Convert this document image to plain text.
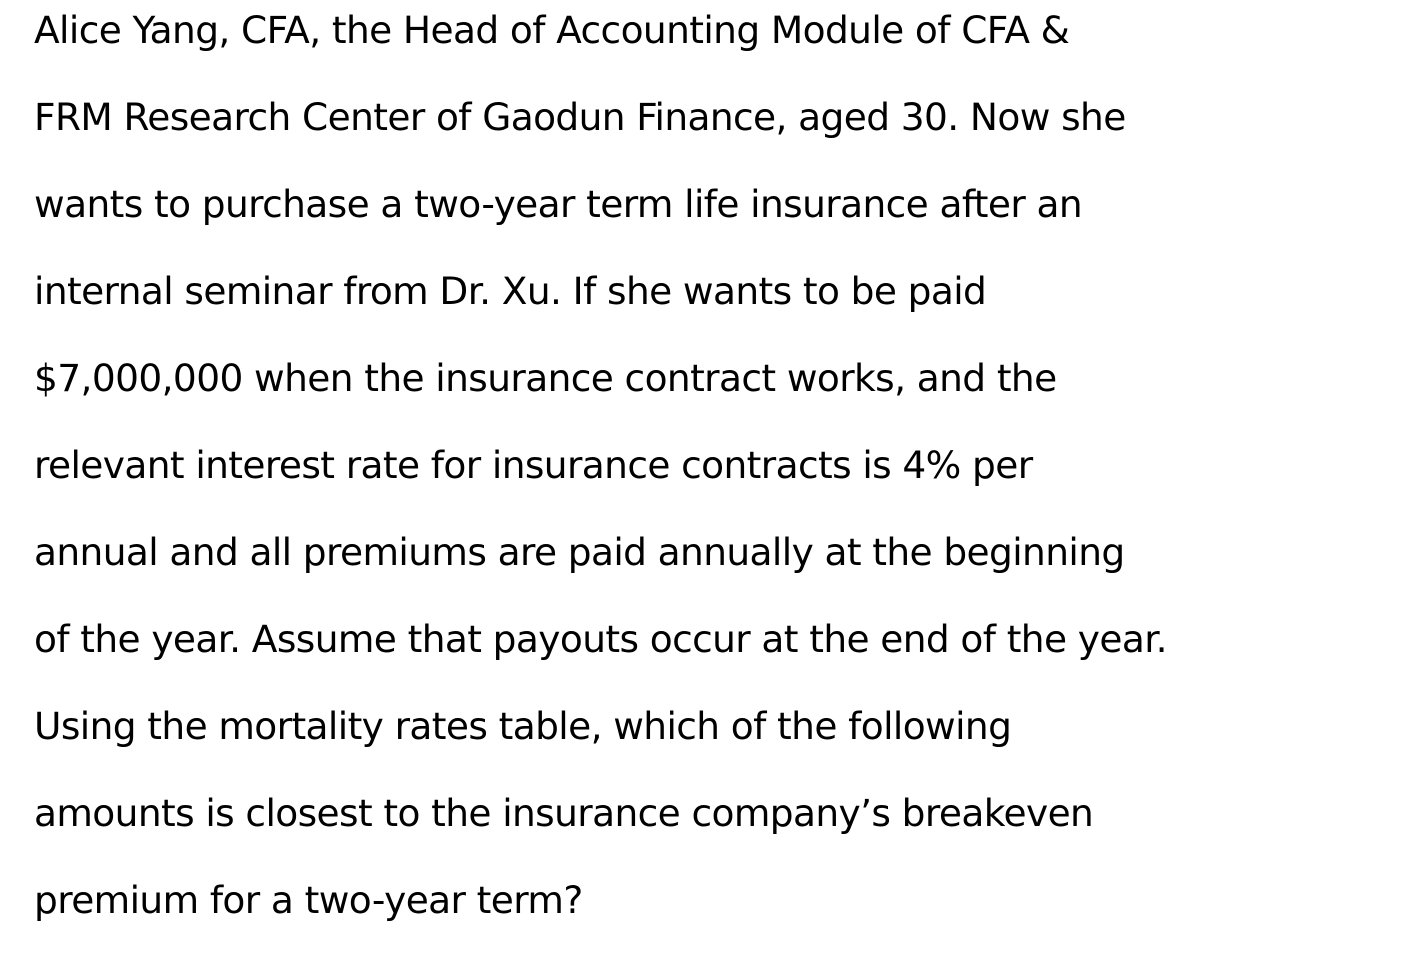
Alice Yang, CFA, the Head of Accounting Module of CFA &
FRM Research Center of Gaodun Finance, aged 30. Now she
wants to purchase a two-year term life insurance after an
internal seminar from Dr. Xu. If she wants to be paid
$7,000,000 when the insurance contract works, and the
relevant interest rate for insurance contracts is 4% per
annual and all premiums are paid annually at the beginning
of the year. Assume that payouts occur at the end of the year.
Using the mortality rates table, which of the following
amounts is closest to the insurance company’s breakeven
premium for a two-year term?
